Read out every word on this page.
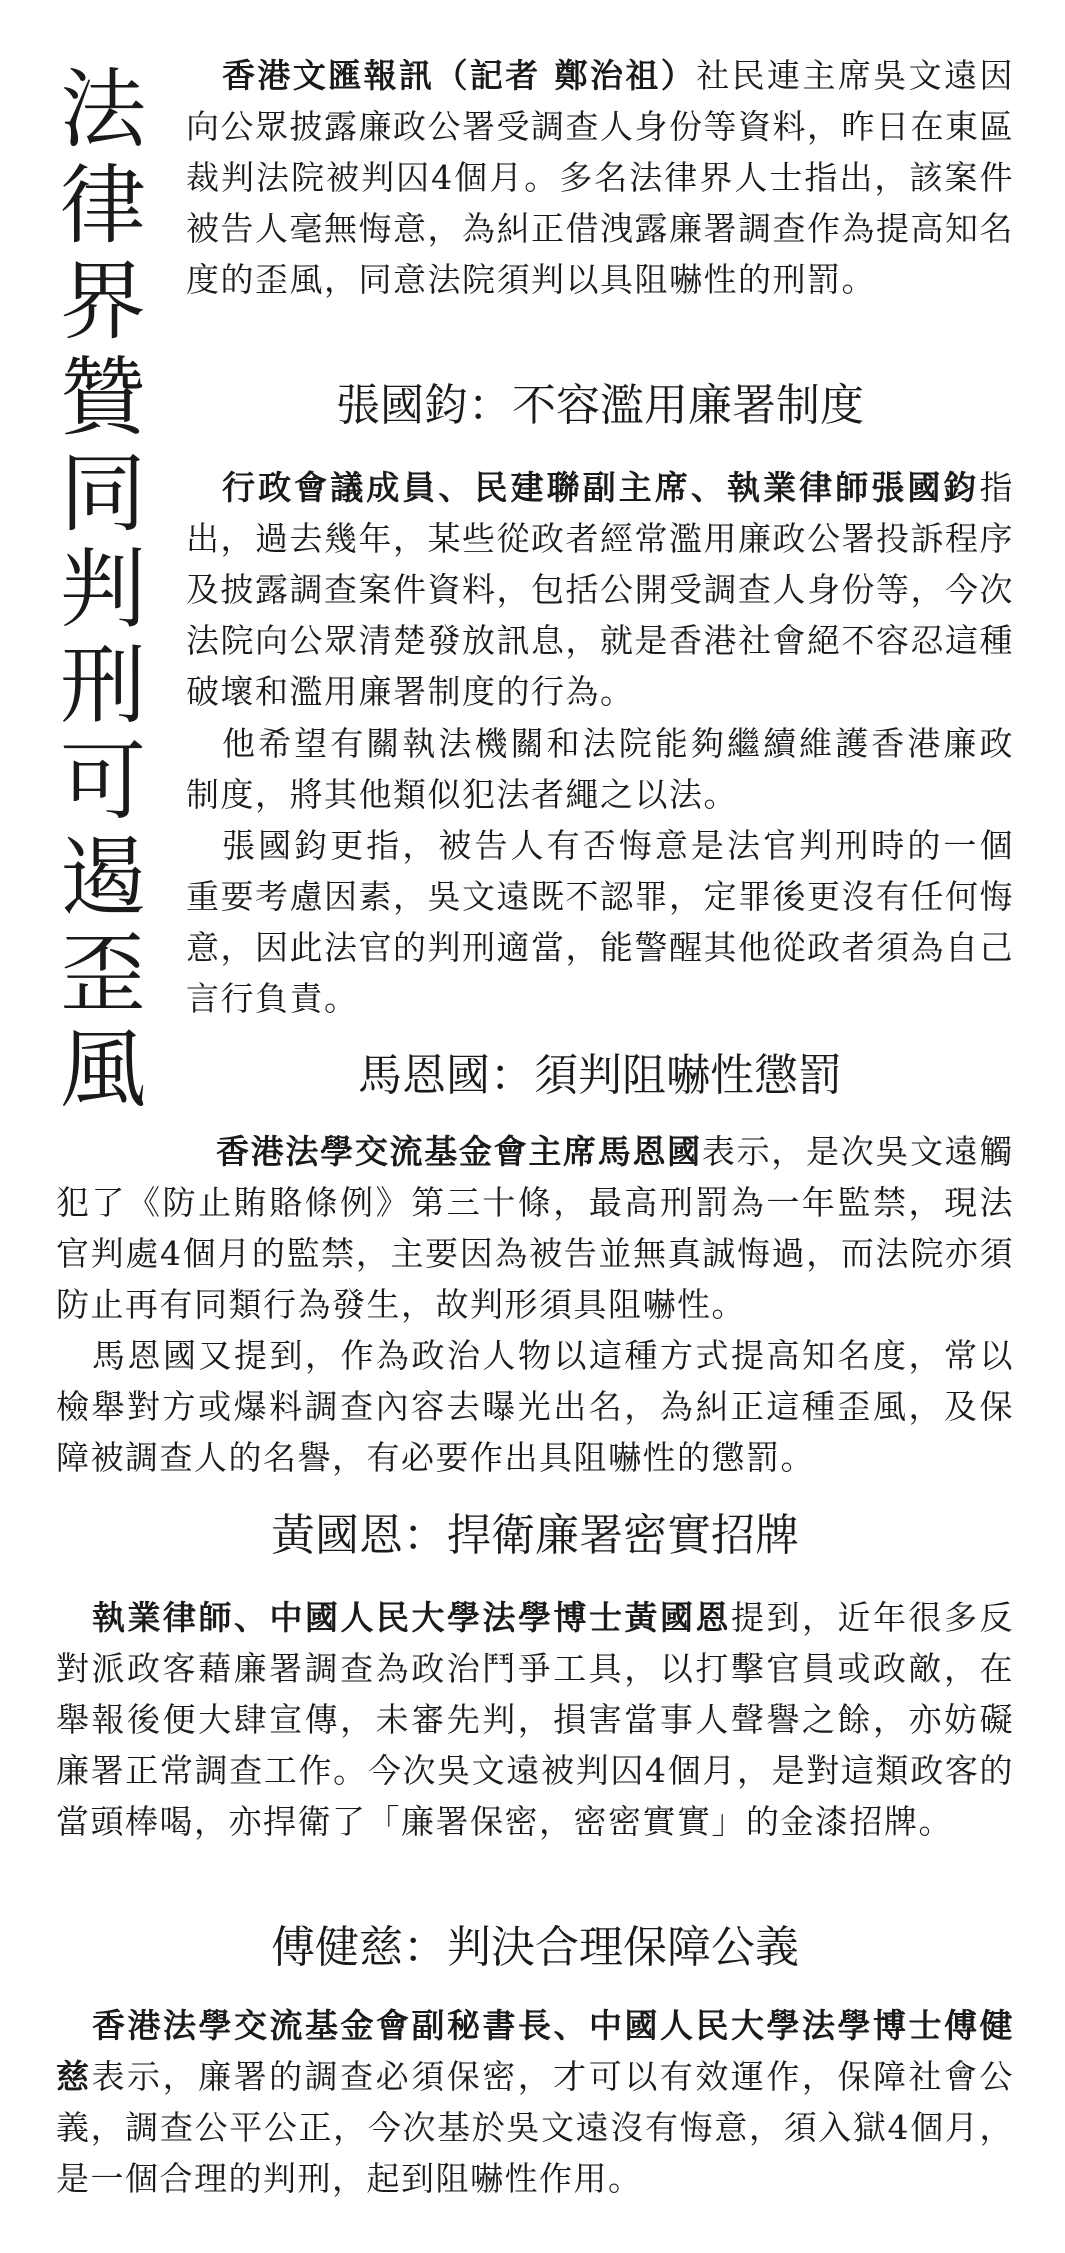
法
律
界
贊
同
判
刑
可
遏
歪
風

香港文匯報訊（記者 鄭治祖）社民連主席吳文遠因向公眾披露廉政公署受調查人身份等資料，昨日在東區裁判法院被判囚4個月。多名法律界人士指出，該案件被告人毫無悔意，為糾正借洩露廉署調查作為提高知名度的歪風，同意法院須判以具阻嚇性的刑罰。

張國鈞：不容濫用廉署制度

行政會議成員、民建聯副主席、執業律師張國鈞指出，過去幾年，某些從政者經常濫用廉政公署投訴程序及披露調查案件資料，包括公開受調查人身份等，今次法院向公眾清楚發放訊息，就是香港社會絕不容忍這種破壞和濫用廉署制度的行為。

他希望有關執法機關和法院能夠繼續維護香港廉政制度，將其他類似犯法者繩之以法。

張國鈞更指，被告人有否悔意是法官判刑時的一個重要考慮因素，吳文遠既不認罪，定罪後更沒有任何悔意，因此法官的判刑適當，能警醒其他從政者須為自己言行負責。

馬恩國：須判阻嚇性懲罰

香港法學交流基金會主席馬恩國表示，是次吳文遠觸犯了《防止賄賂條例》第三十條，最高刑罰為一年監禁，現法官判處4個月的監禁，主要因為被告並無真誠悔過，而法院亦須防止再有同類行為發生，故判形須具阻嚇性。

馬恩國又提到，作為政治人物以這種方式提高知名度，常以檢舉對方或爆料調查內容去曝光出名，為糾正這種歪風，及保障被調查人的名譽，有必要作出具阻嚇性的懲罰。

黃國恩：捍衛廉署密實招牌

執業律師、中國人民大學法學博士黃國恩提到，近年很多反對派政客藉廉署調查為政治鬥爭工具，以打擊官員或政敵，在舉報後便大肆宣傳，未審先判，損害當事人聲譽之餘，亦妨礙廉署正常調查工作。今次吳文遠被判囚4個月，是對這類政客的當頭棒喝，亦捍衛了「廉署保密，密密實實」的金漆招牌。

傅健慈：判決合理保障公義

香港法學交流基金會副秘書長、中國人民大學法學博士傅健慈表示，廉署的調查必須保密，才可以有效運作，保障社會公義，調查公平公正，今次基於吳文遠沒有悔意，須入獄4個月，是一個合理的判刑，起到阻嚇性作用。
